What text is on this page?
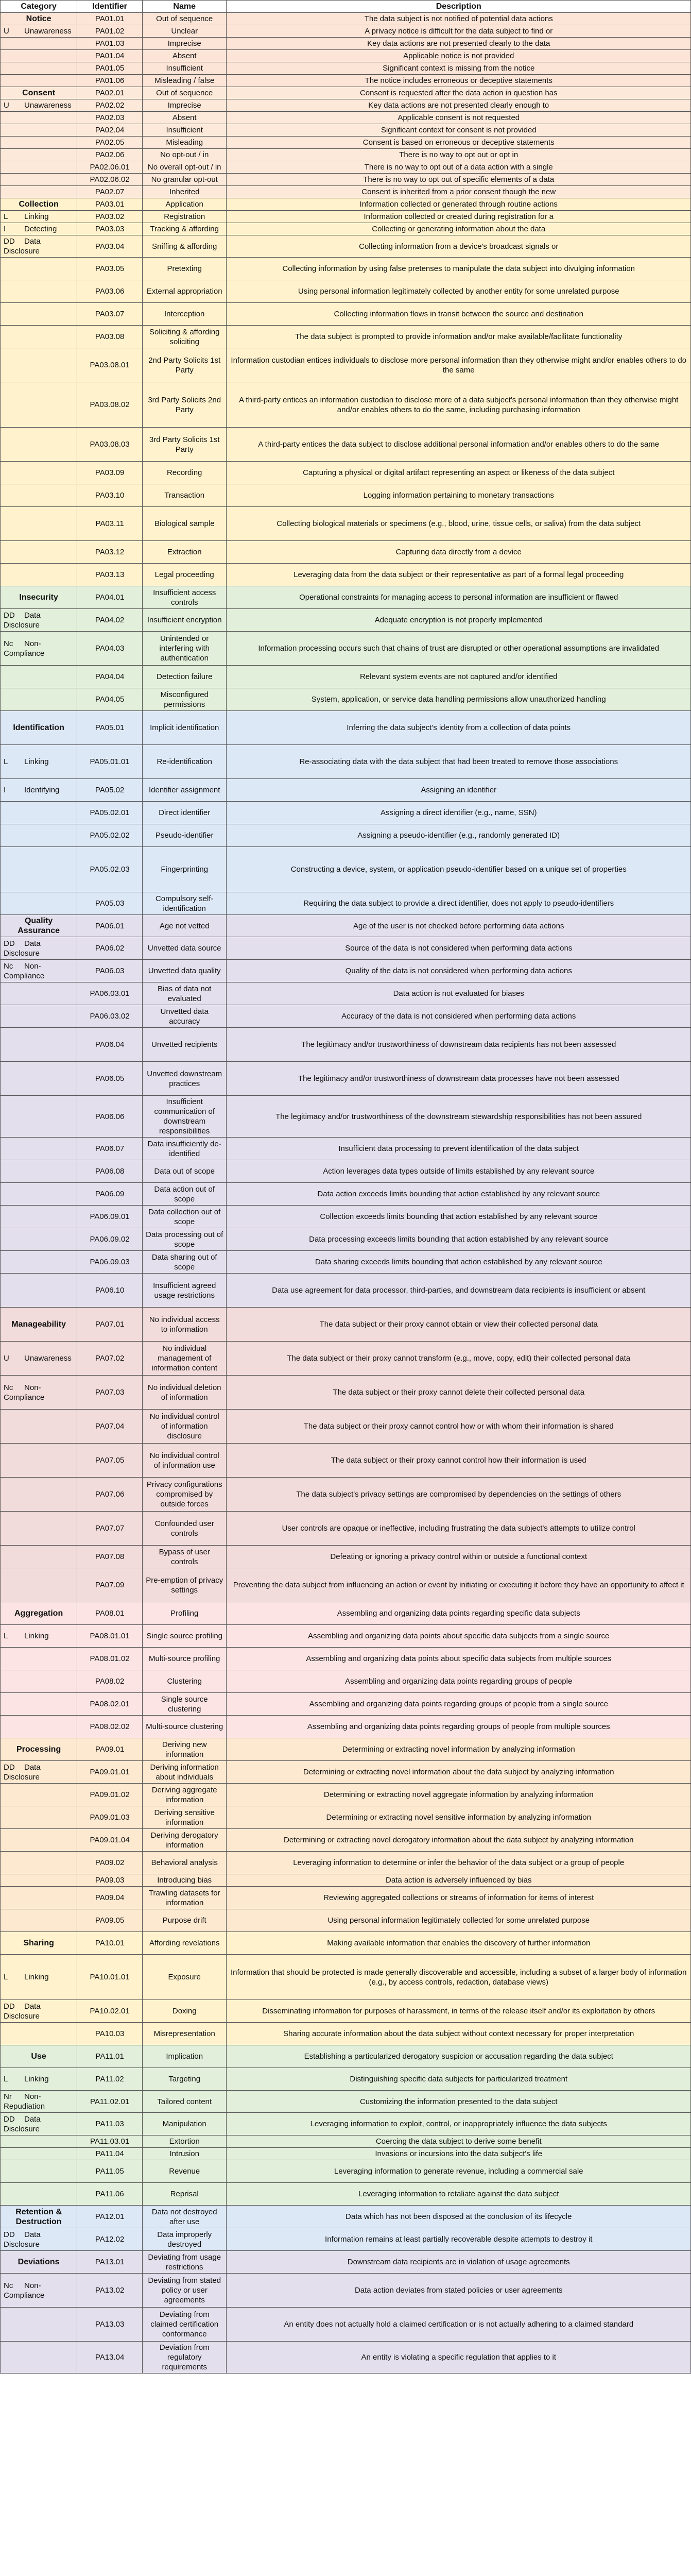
Category	Identifier	Name	Description
Notice	PA01.01	Out of sequence	The data subject is not notified of potential data actions
U Unawareness	PA01.02	Unclear	A privacy notice is difficult for the data subject to find or
	PA01.03	Imprecise	Key data actions are not presented clearly to the data
	PA01.04	Absent	Applicable notice is not provided
	PA01.05	Insufficient	Significant context is missing from the notice
	PA01.06	Misleading / false	The notice includes erroneous or deceptive statements
Consent	PA02.01	Out of sequence	Consent is requested after the data action in question has
U Unawareness	PA02.02	Imprecise	Key data actions are not presented clearly enough to
	PA02.03	Absent	Applicable consent is not requested
	PA02.04	Insufficient	Significant context for consent is not provided
	PA02.05	Misleading	Consent is based on erroneous or deceptive statements
	PA02.06	No opt-out / in	There is no way to opt out or opt in
	PA02.06.01	No overall opt-out / in	There is no way to opt out of a data action with a single
	PA02.06.02	No granular opt-out	There is no way to opt out of specific elements of a data
	PA02.07	Inherited	Consent is inherited from a prior consent though the new
Collection	PA03.01	Application	Information collected or generated through routine actions
L Linking	PA03.02	Registration	Information collected or created during registration for a
I Detecting	PA03.03	Tracking & affording	Collecting or generating information about the data
DD Data Disclosure	PA03.04	Sniffing & affording	Collecting information from a device's broadcast signals or
	PA03.05	Pretexting	Collecting information by using false pretenses to manipulate the data subject into divulging information
	PA03.06	External appropriation	Using personal information legitimately collected by another entity for some unrelated purpose
	PA03.07	Interception	Collecting information flows in transit between the source and destination
	PA03.08	Soliciting & affording soliciting	The data subject is prompted to provide information and/or make available/facilitate functionality
	PA03.08.01	2nd Party Solicits 1st Party	Information custodian entices individuals to disclose more personal information than they otherwise might and/or enables others to do the same
	PA03.08.02	3rd Party Solicits 2nd Party	A third-party entices an information custodian to disclose more of a data subject's personal information than they otherwise might and/or enables others to do the same, including purchasing information
	PA03.08.03	3rd Party Solicits 1st Party	A third-party entices the data subject to disclose additional personal information and/or enables others to do the same
	PA03.09	Recording	Capturing a physical or digital artifact representing an aspect or likeness of the data subject
	PA03.10	Transaction	Logging information pertaining to monetary transactions
	PA03.11	Biological sample	Collecting biological materials or specimens (e.g., blood, urine, tissue cells, or saliva) from the data subject
	PA03.12	Extraction	Capturing data directly from a device
	PA03.13	Legal proceeding	Leveraging data from the data subject or their representative as part of a formal legal proceeding
Insecurity	PA04.01	Insufficient access controls	Operational constraints for managing access to personal information are insufficient or flawed
DD Data Disclosure	PA04.02	Insufficient encryption	Adequate encryption is not properly implemented
Nc Non-Compliance	PA04.03	Unintended or interfering with authentication	Information processing occurs such that chains of trust are disrupted or other operational assumptions are invalidated
	PA04.04	Detection failure	Relevant system events are not captured and/or identified
	PA04.05	Misconfigured permissions	System, application, or service data handling permissions allow unauthorized handling
Identification	PA05.01	Implicit identification	Inferring the data subject's identity from a collection of data points
L Linking	PA05.01.01	Re-identification	Re-associating data with the data subject that had been treated to remove those associations
I Identifying	PA05.02	Identifier assignment	Assigning an identifier
	PA05.02.01	Direct identifier	Assigning a direct identifier (e.g., name, SSN)
	PA05.02.02	Pseudo-identifier	Assigning a pseudo-identifier (e.g., randomly generated ID)
	PA05.02.03	Fingerprinting	Constructing a device, system, or application pseudo-identifier based on a unique set of properties
	PA05.03	Compulsory self-identification	Requiring the data subject to provide a direct identifier, does not apply to pseudo-identifiers
Quality Assurance	PA06.01	Age not vetted	Age of the user is not checked before performing data actions
DD Data Disclosure	PA06.02	Unvetted data source	Source of the data is not considered when performing data actions
Nc Non-Compliance	PA06.03	Unvetted data quality	Quality of the data is not considered when performing data actions
	PA06.03.01	Bias of data not evaluated	Data action is not evaluated for biases
	PA06.03.02	Unvetted data accuracy	Accuracy of the data is not considered when performing data actions
	PA06.04	Unvetted recipients	The legitimacy and/or trustworthiness of downstream data recipients has not been assessed
	PA06.05	Unvetted downstream practices	The legitimacy and/or trustworthiness of downstream data processes have not been assessed
	PA06.06	Insufficient communication of downstream responsibilities	The legitimacy and/or trustworthiness of the downstream stewardship responsibilities has not been assured
	PA06.07	Data insufficiently de-identified	Insufficient data processing to prevent identification of the data subject
	PA06.08	Data out of scope	Action leverages data types outside of limits established by any relevant source
	PA06.09	Data action out of scope	Data action exceeds limits bounding that action established by any relevant source
	PA06.09.01	Data collection out of scope	Collection exceeds limits bounding that action established by any relevant source
	PA06.09.02	Data processing out of scope	Data processing exceeds limits bounding that action established by any relevant source
	PA06.09.03	Data sharing out of scope	Data sharing exceeds limits bounding that action established by any relevant source
	PA06.10	Insufficient agreed usage restrictions	Data use agreement for data processor, third-parties, and downstream data recipients is insufficient or absent
Manageability	PA07.01	No individual access to information	The data subject or their proxy cannot obtain or view their collected personal data
U Unawareness	PA07.02	No individual management of information content	The data subject or their proxy cannot transform (e.g., move, copy, edit) their collected personal data
Nc Non-Compliance	PA07.03	No individual deletion of information	The data subject or their proxy cannot delete their collected personal data
	PA07.04	No individual control of information disclosure	The data subject or their proxy cannot control how or with whom their information is shared
	PA07.05	No individual control of information use	The data subject or their proxy cannot control how their information is used
	PA07.06	Privacy configurations compromised by outside forces	The data subject's privacy settings are compromised by dependencies on the settings of others
	PA07.07	Confounded user controls	User controls are opaque or ineffective, including frustrating the data subject's attempts to utilize control
	PA07.08	Bypass of user controls	Defeating or ignoring a privacy control within or outside a functional context
	PA07.09	Pre-emption of privacy settings	Preventing the data subject from influencing an action or event by initiating or executing it before they have an opportunity to affect it
Aggregation	PA08.01	Profiling	Assembling and organizing data points regarding specific data subjects
L Linking	PA08.01.01	Single source profiling	Assembling and organizing data points about specific data subjects from a single source
	PA08.01.02	Multi-source profiling	Assembling and organizing data points about specific data subjects from multiple sources
	PA08.02	Clustering	Assembling and organizing data points regarding groups of people
	PA08.02.01	Single source clustering	Assembling and organizing data points regarding groups of people from a single source
	PA08.02.02	Multi-source clustering	Assembling and organizing data points regarding groups of people from multiple sources
Processing	PA09.01	Deriving new information	Determining or extracting novel information by analyzing information
DD Data Disclosure	PA09.01.01	Deriving information about individuals	Determining or extracting novel information about the data subject by analyzing information
	PA09.01.02	Deriving aggregate information	Determining or extracting novel aggregate information by analyzing information
	PA09.01.03	Deriving sensitive information	Determining or extracting novel sensitive information by analyzing information
	PA09.01.04	Deriving derogatory information	Determining or extracting novel derogatory information about the data subject by analyzing information
	PA09.02	Behavioral analysis	Leveraging information to determine or infer the behavior of the data subject or a group of people
	PA09.03	Introducing bias	Data action is adversely influenced by bias
	PA09.04	Trawling datasets for information	Reviewing aggregated collections or streams of information for items of interest
	PA09.05	Purpose drift	Using personal information legitimately collected for some unrelated purpose
Sharing	PA10.01	Affording revelations	Making available information that enables the discovery of further information
L Linking	PA10.01.01	Exposure	Information that should be protected is made generally discoverable and accessible, including a subset of a larger body of information (e.g., by access controls, redaction, database views)
DD Data Disclosure	PA10.02.01	Doxing	Disseminating information for purposes of harassment, in terms of the release itself and/or its exploitation by others
	PA10.03	Misrepresentation	Sharing accurate information about the data subject without context necessary for proper interpretation
Use	PA11.01	Implication	Establishing a particularized derogatory suspicion or accusation regarding the data subject
L Linking	PA11.02	Targeting	Distinguishing specific data subjects for particularized treatment
Nr Non-Repudiation	PA11.02.01	Tailored content	Customizing the information presented to the data subject
DD Data Disclosure	PA11.03	Manipulation	Leveraging information to exploit, control, or inappropriately influence the data subjects
	PA11.03.01	Extortion	Coercing the data subject to derive some benefit
	PA11.04	Intrusion	Invasions or incursions into the data subject's life
	PA11.05	Revenue	Leveraging information to generate revenue, including a commercial sale
	PA11.06	Reprisal	Leveraging information to retaliate against the data subject
Retention & Destruction	PA12.01	Data not destroyed after use	Data which has not been disposed at the conclusion of its lifecycle
DD Data Disclosure	PA12.02	Data improperly destroyed	Information remains at least partially recoverable despite attempts to destroy it
Deviations	PA13.01	Deviating from usage restrictions	Downstream data recipients are in violation of usage agreements
Nc Non-Compliance	PA13.02	Deviating from stated policy or user agreements	Data action deviates from stated policies or user agreements
	PA13.03	Deviating from claimed certification conformance	An entity does not actually hold a claimed certification or is not actually adhering to a claimed standard
	PA13.04	Deviation from regulatory requirements	An entity is violating a specific regulation that applies to it
